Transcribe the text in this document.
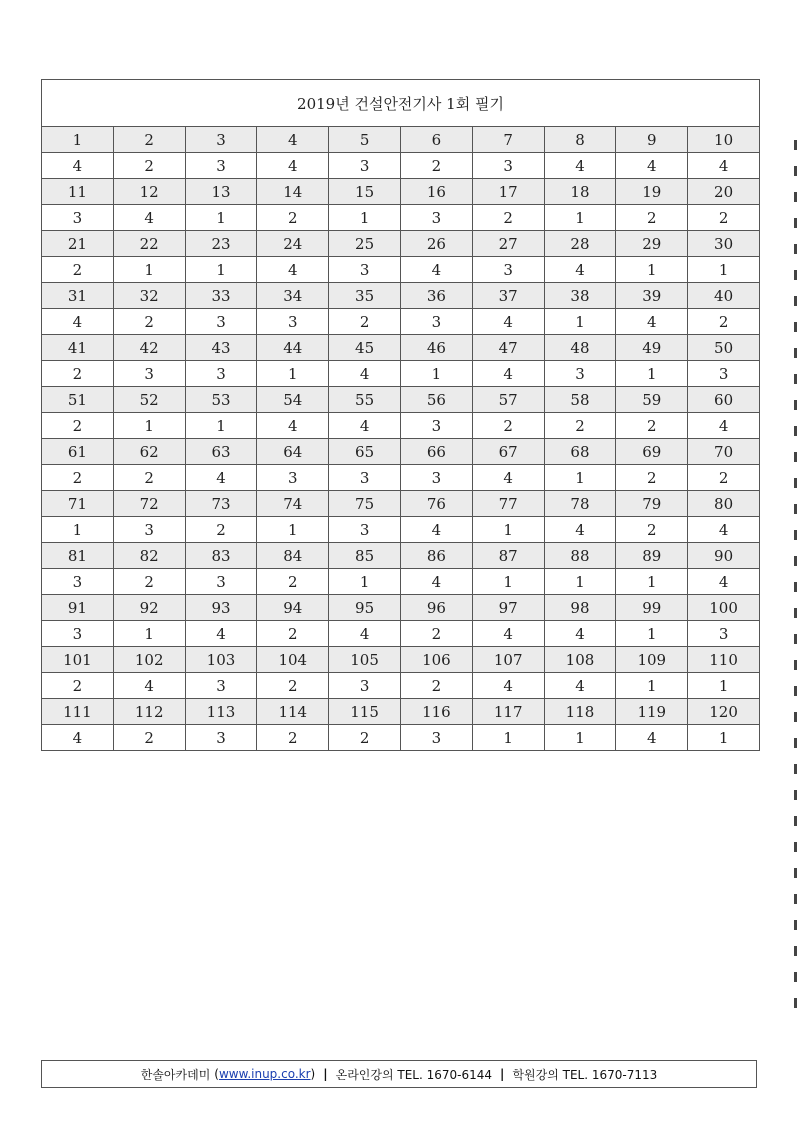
2019년 건설안전기사 1회 필기									
1	2	3	4	5	6	7	8	9	10
4	2	3	4	3	2	3	4	4	4
11	12	13	14	15	16	17	18	19	20
3	4	1	2	1	3	2	1	2	2
21	22	23	24	25	26	27	28	29	30
2	1	1	4	3	4	3	4	1	1
31	32	33	34	35	36	37	38	39	40
4	2	3	3	2	3	4	1	4	2
41	42	43	44	45	46	47	48	49	50
2	3	3	1	4	1	4	3	1	3
51	52	53	54	55	56	57	58	59	60
2	1	1	4	4	3	2	2	2	4
61	62	63	64	65	66	67	68	69	70
2	2	4	3	3	3	4	1	2	2
71	72	73	74	75	76	77	78	79	80
1	3	2	1	3	4	1	4	2	4
81	82	83	84	85	86	87	88	89	90
3	2	3	2	1	4	1	1	1	4
91	92	93	94	95	96	97	98	99	100
3	1	4	2	4	2	4	4	1	3
101	102	103	104	105	106	107	108	109	110
2	4	3	2	3	2	4	4	1	1
111	112	113	114	115	116	117	118	119	120
4	2	3	2	2	3	1	1	4	1
한솔아카데미 ( www.inup.co.kr ) | 온라인강의 TEL. 1670-6144 | 학원강의 TEL. 1670-7113
